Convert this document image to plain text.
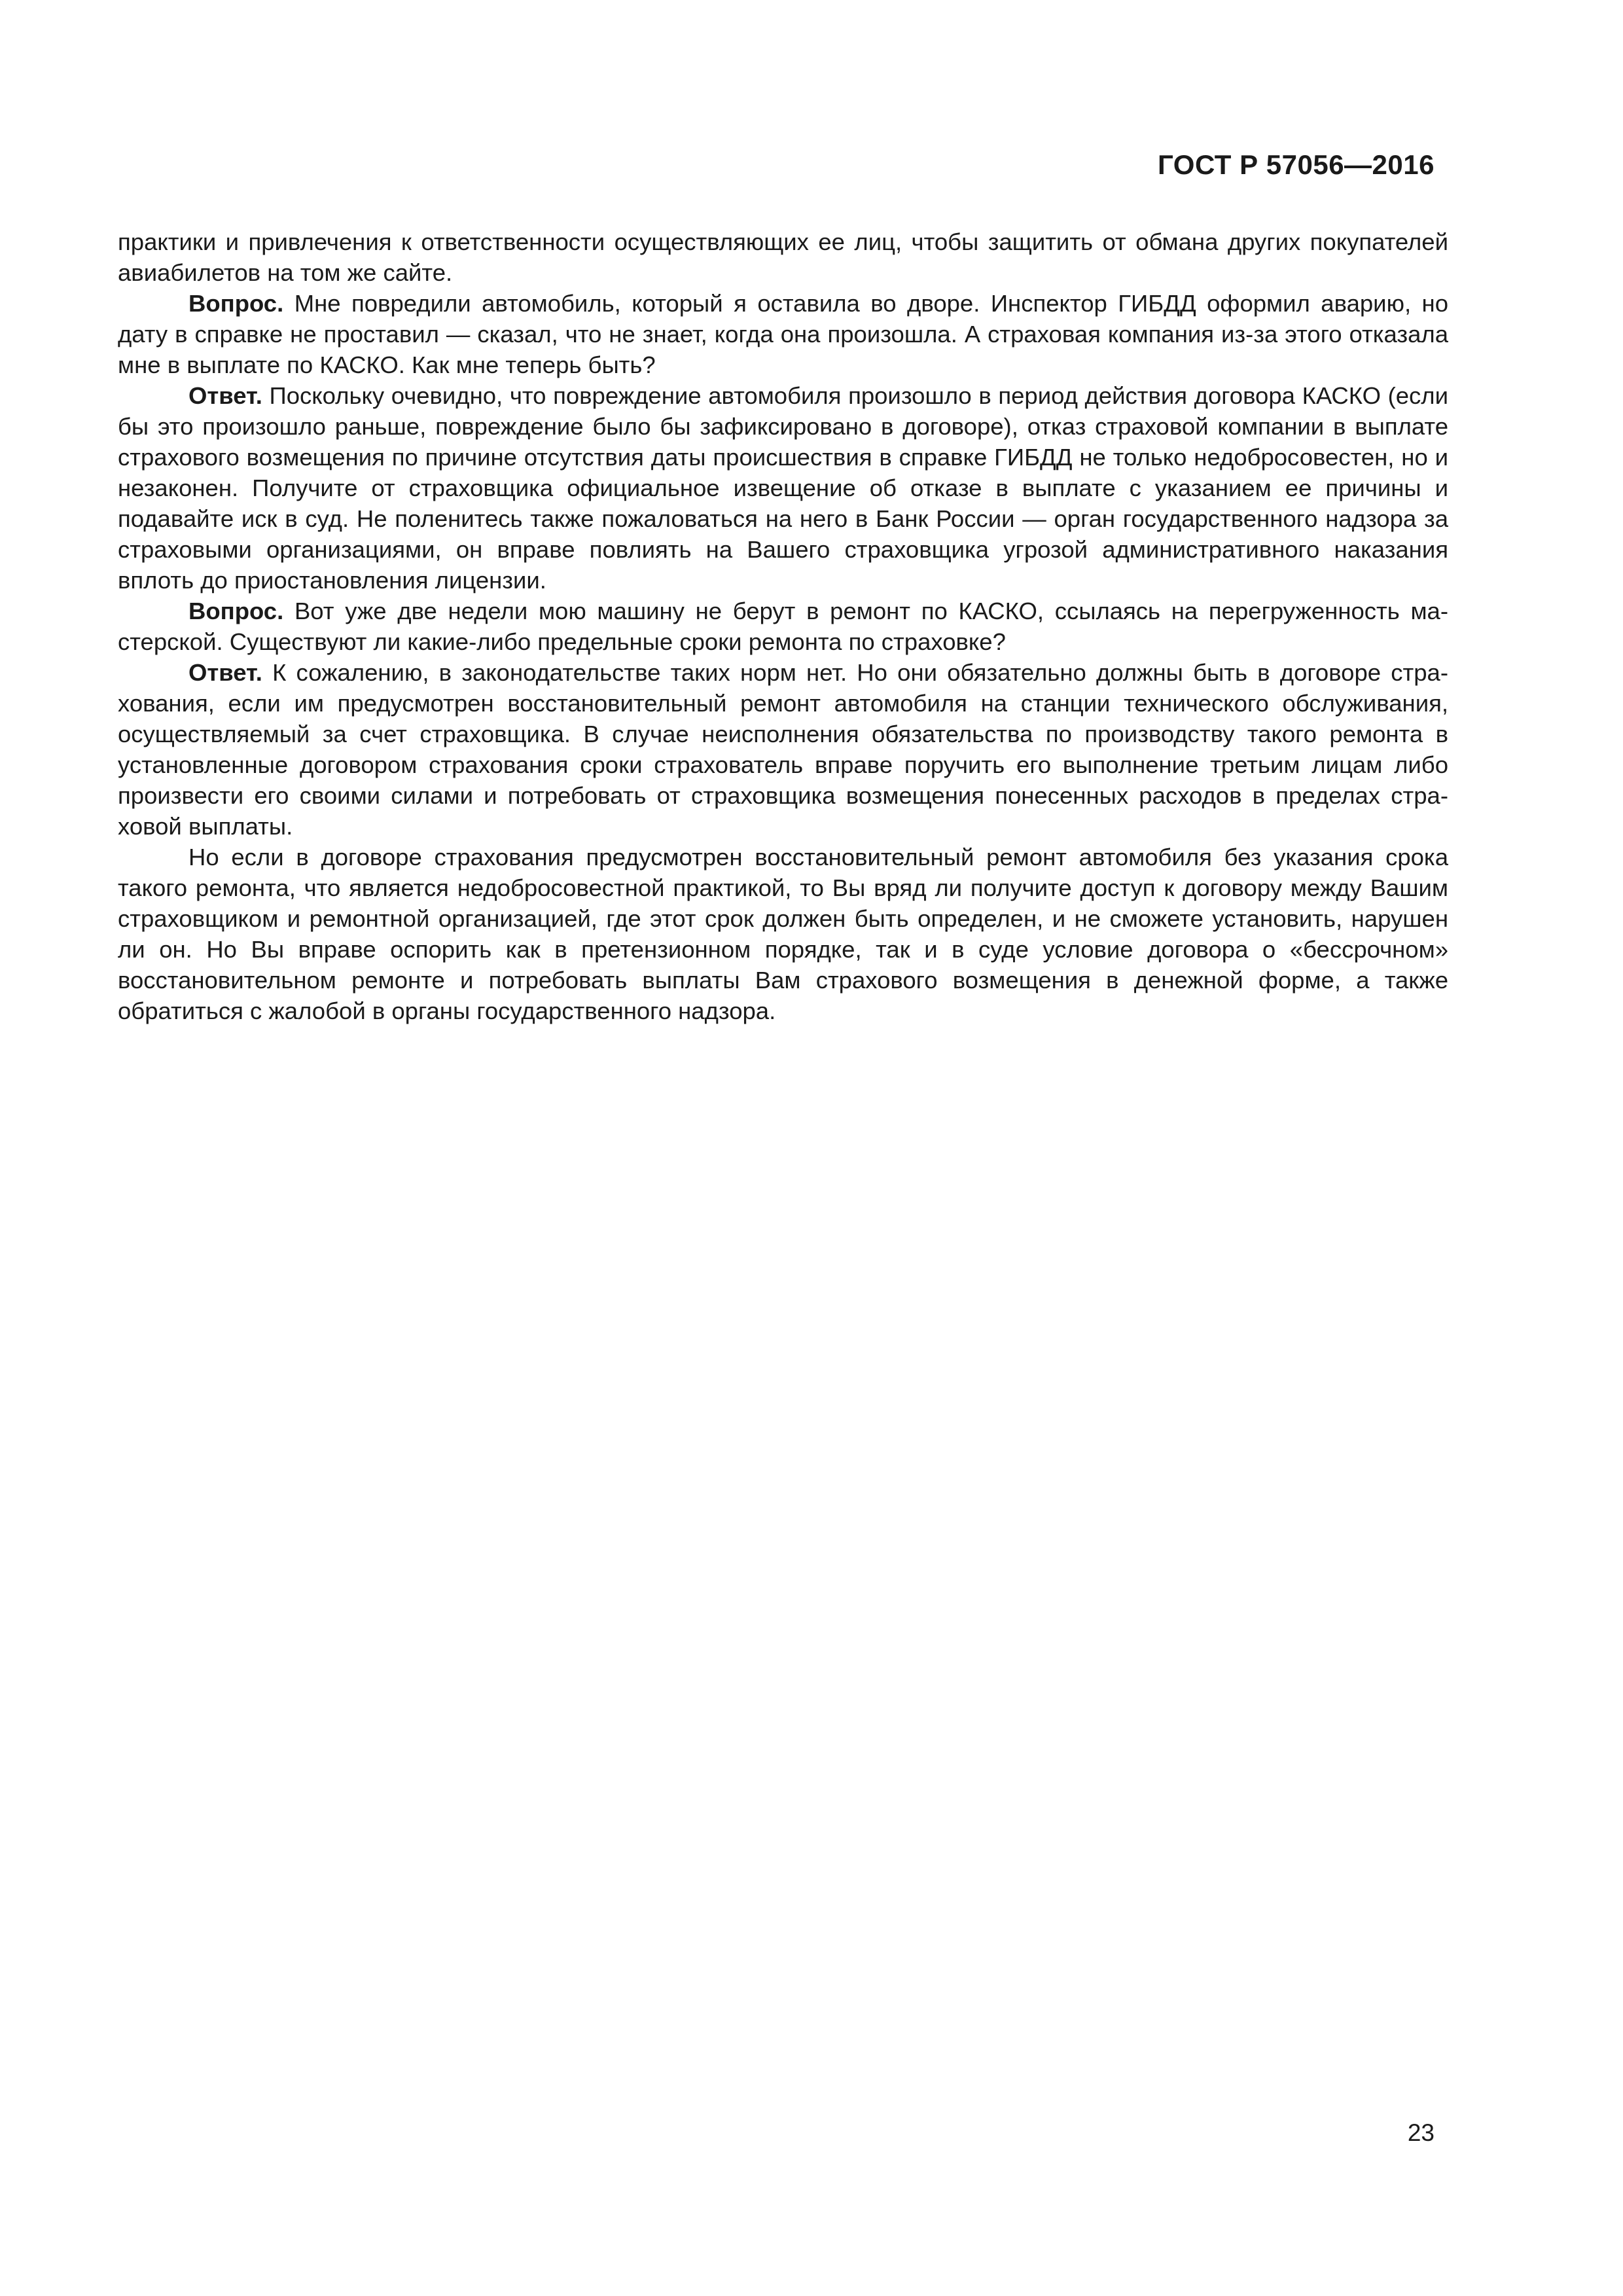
ГОСТ Р 57056—2016

практики и привлечения к ответственности осуществляющих ее лиц, чтобы защитить от обмана других покупателей авиабилетов на том же сайте.

Вопрос. Мне повредили автомобиль, который я оставила во дворе. Инспектор ГИБДД оформил аварию, но дату в справке не проставил — сказал, что не знает, когда она произошла. А страховая компания из-за этого отказала мне в выплате по КАСКО. Как мне теперь быть?

Ответ. Поскольку очевидно, что повреждение автомобиля произошло в период действия договора КАСКО (если бы это произошло раньше, повреждение было бы зафиксировано в договоре), отказ страховой компании в выплате страхового возмещения по причине отсутствия даты происшествия в справке ГИБДД не только недобросовестен, но и незаконен. Получите от страховщика официальное извещение об отказе в выплате с указанием ее причины и подавайте иск в суд. Не поленитесь также пожаловаться на него в Банк России — орган государственного надзора за страховыми организациями, он вправе повлиять на Вашего страховщика угрозой административного наказания вплоть до приостановления лицензии.

Вопрос. Вот уже две недели мою машину не берут в ремонт по КАСКО, ссылаясь на перегруженность мастерской. Существуют ли какие-либо предельные сроки ремонта по страховке?

Ответ. К сожалению, в законодательстве таких норм нет. Но они обязательно должны быть в договоре страхования, если им предусмотрен восстановительный ремонт автомобиля на станции технического обслуживания, осуществляемый за счет страховщика. В случае неисполнения обязательства по производству такого ремонта в установленные договором страхования сроки страхователь вправе поручить его выполнение третьим лицам либо произвести его своими силами и потребовать от страховщика возмещения понесенных расходов в пределах страховой выплаты.

Но если в договоре страхования предусмотрен восстановительный ремонт автомобиля без указания срока такого ремонта, что является недобросовестной практикой, то Вы вряд ли получите доступ к договору между Вашим страховщиком и ремонтной организацией, где этот срок должен быть определен, и не сможете установить, нарушен ли он. Но Вы вправе оспорить как в претензионном порядке, так и в суде условие договора о «бессрочном» восстановительном ремонте и потребовать выплаты Вам страхового возмещения в денежной форме, а также обратиться с жалобой в органы государственного надзора.

23
